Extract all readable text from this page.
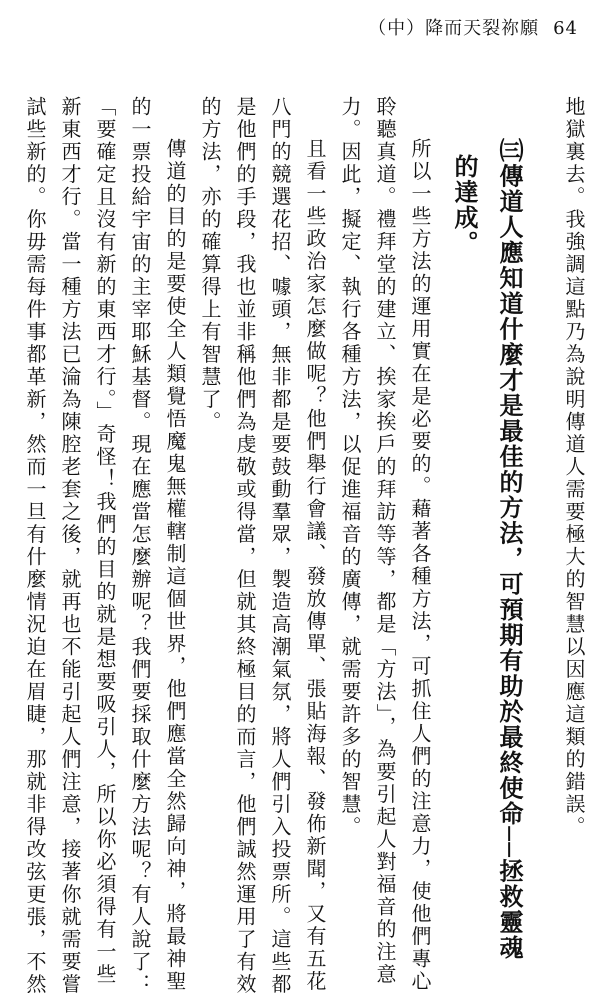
（中）降而天裂祢願 64
地獄裏去。我強調這點乃為說明傳道人需要極大的智慧以因應這類的錯誤。
㈢傳道人應知道什麼才是最佳的方法，可預期有助於最終使命──拯救靈魂
的達成。
所以一些方法的運用實在是必要的。藉著各種方法，可抓住人們的注意力，使他們專心
聆聽真道。禮拜堂的建立、挨家挨戶的拜訪等等，都是「方法」，為要引起人對福音的注意
力。因此，擬定、執行各種方法，以促進福音的廣傳，就需要許多的智慧。
且看一些政治家怎麼做呢？他們舉行會議、發放傳單、張貼海報、發佈新聞，又有五花
八門的競選花招、噱頭，無非都是要鼓動羣眾，製造高潮氣氛，將人們引入投票所。這些都
是他們的手段，我也並非稱他們為虔敬或得當，但就其終極目的而言，他們誠然運用了有效
的方法，亦的確算得上有智慧了。
傳道的目的是要使全人類覺悟魔鬼無權轄制這個世界，他們應當全然歸向神，將最神聖
的一票投給宇宙的主宰耶穌基督。現在應當怎麼辦呢？我們要採取什麼方法呢？有人說了：
「要確定且沒有新的東西才行。」奇怪！我們的目的就是想要吸引人，所以你必須得有一些
新東西才行。當一種方法已淪為陳腔老套之後，就再也不能引起人們注意，接著你就需要嘗
試些新的。你毋需每件事都革新，然而一旦有什麼情況迫在眉睫，那就非得改弦更張，不然
